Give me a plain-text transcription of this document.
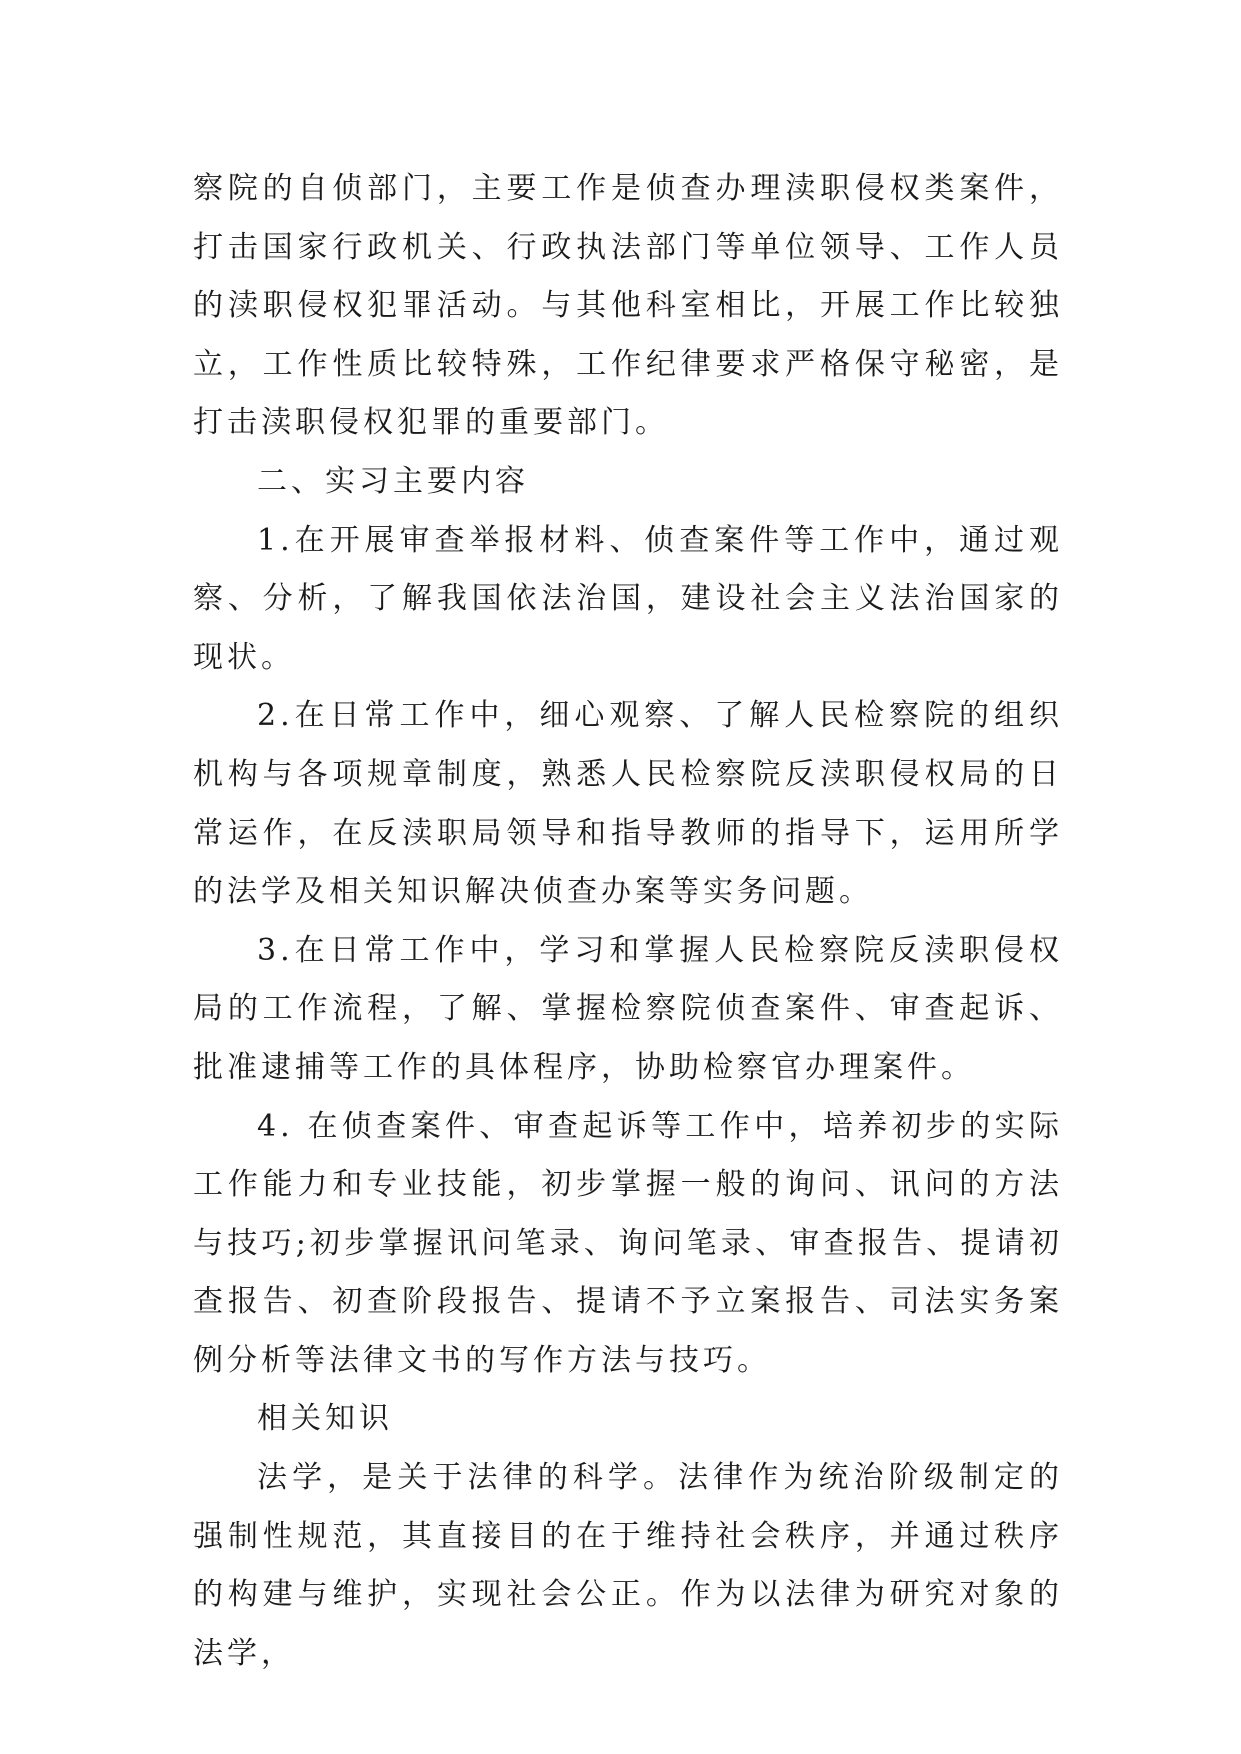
察院的自侦部门，主要工作是侦查办理渎职侵权类案件，打击国家行政机关、行政执法部门等单位领导、工作人员的渎职侵权犯罪活动。与其他科室相比，开展工作比较独立，工作性质比较特殊，工作纪律要求严格保守秘密，是打击渎职侵权犯罪的重要部门。

二、实习主要内容

1.在开展审查举报材料、侦查案件等工作中，通过观察、分析，了解我国依法治国，建设社会主义法治国家的现状。

2.在日常工作中，细心观察、了解人民检察院的组织机构与各项规章制度，熟悉人民检察院反渎职侵权局的日常运作，在反渎职局领导和指导教师的指导下，运用所学的法学及相关知识解决侦查办案等实务问题。

3.在日常工作中，学习和掌握人民检察院反渎职侵权局的工作流程，了解、掌握检察院侦查案件、审查起诉、批准逮捕等工作的具体程序，协助检察官办理案件。

4. 在侦查案件、审查起诉等工作中，培养初步的实际工作能力和专业技能，初步掌握一般的询问、讯问的方法与技巧;初步掌握讯问笔录、询问笔录、审查报告、提请初查报告、初查阶段报告、提请不予立案报告、司法实务案例分析等法律文书的写作方法与技巧。

相关知识

法学，是关于法律的科学。法律作为统治阶级制定的强制性规范，其直接目的在于维持社会秩序，并通过秩序的构建与维护，实现社会公正。作为以法律为研究对象的法学，
